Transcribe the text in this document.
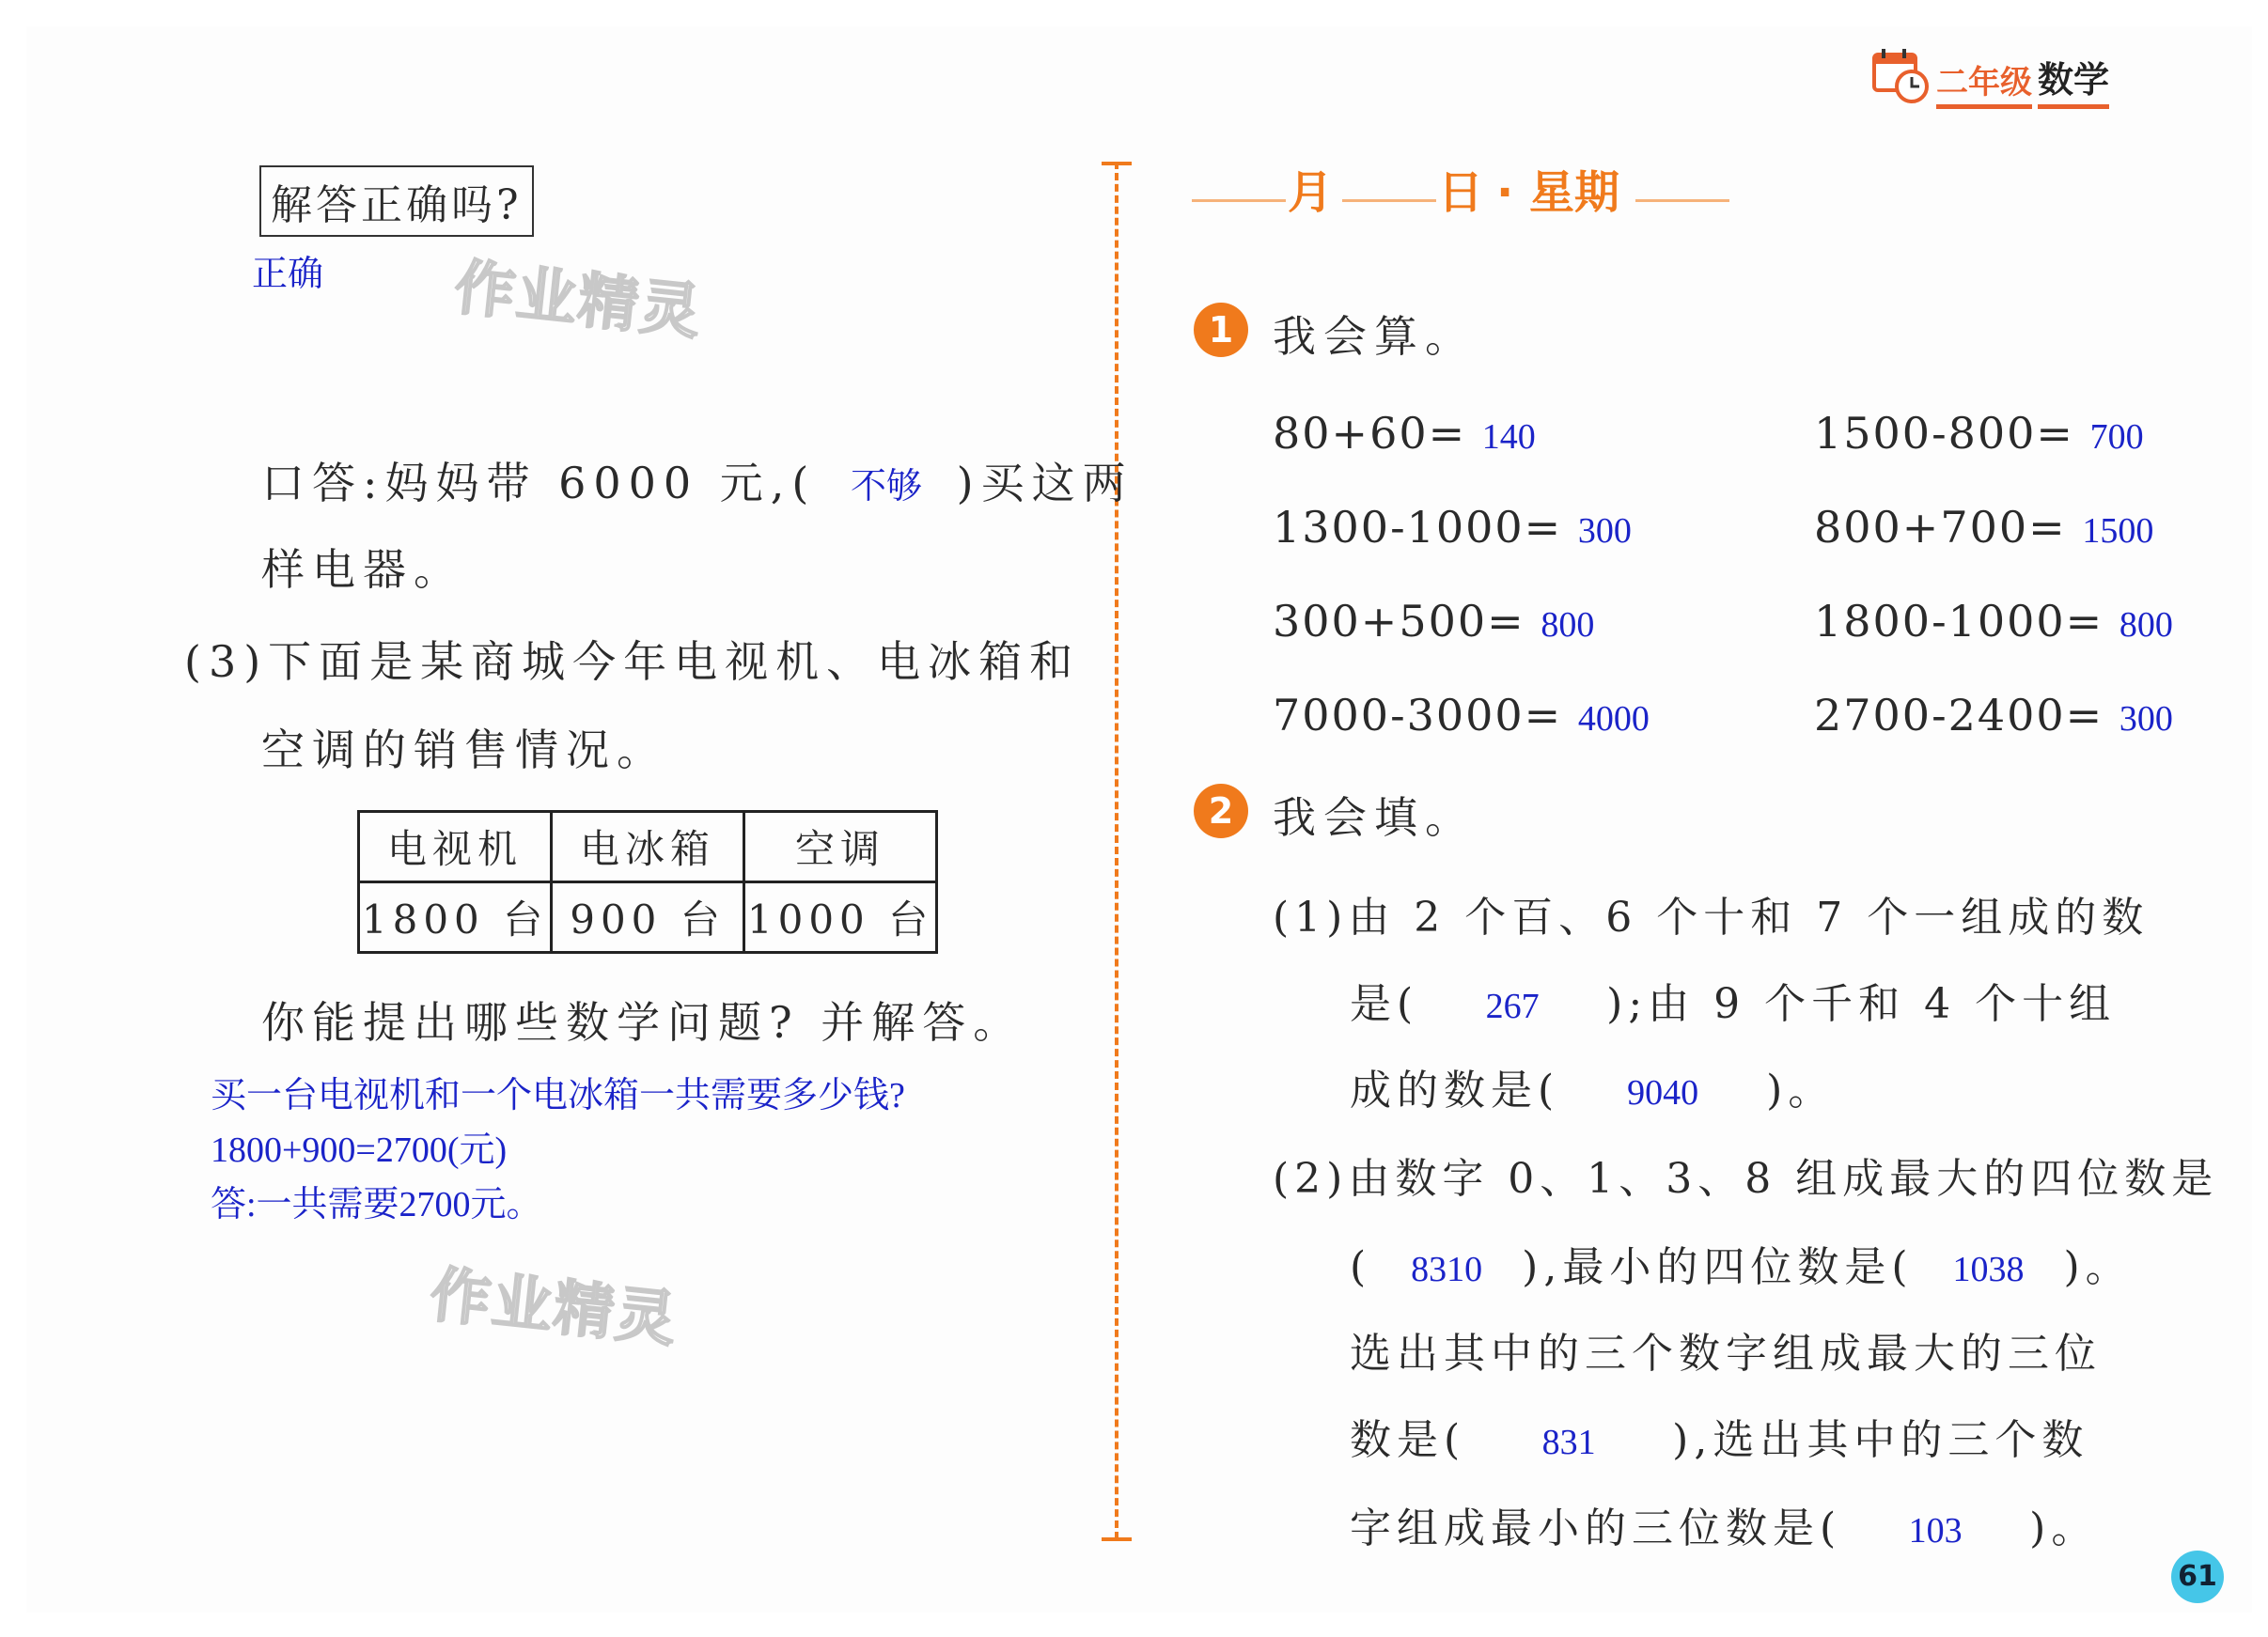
二年级 数学
解答正确吗?
正确 作业精灵
口答:妈妈带 6000 元,( 不够 )买这两
样电器。
(3)下面是某商城今年电视机、电冰箱和
空调的销售情况。
电视机	电冰箱	空调
1800 台	900 台	1000 台
你能提出哪些数学问题? 并解答。
买一台电视机和一个电冰箱一共需要多少钱?
1800+900=2700(元)
答:一共需要2700元。
作业精灵
月 日 · 星期
1 我会算。
80+60= 140	1500-800= 700
1300-1000= 300	800+700= 1500
300+500= 800	1800-1000= 800
7000-3000= 4000	2700-2400= 300
2 我会填。
(1)由 2 个百、6 个十和 7 个一组成的数
是( 267 );由 9 个千和 4 个十组
成的数是( 9040 )。
(2)由数字 0、1、3、8 组成最大的四位数是
( 8310 ),最小的四位数是( 1038 )。
选出其中的三个数字组成最大的三位
数是( 831 ),选出其中的三个数
字组成最小的三位数是( 103 )。
61
